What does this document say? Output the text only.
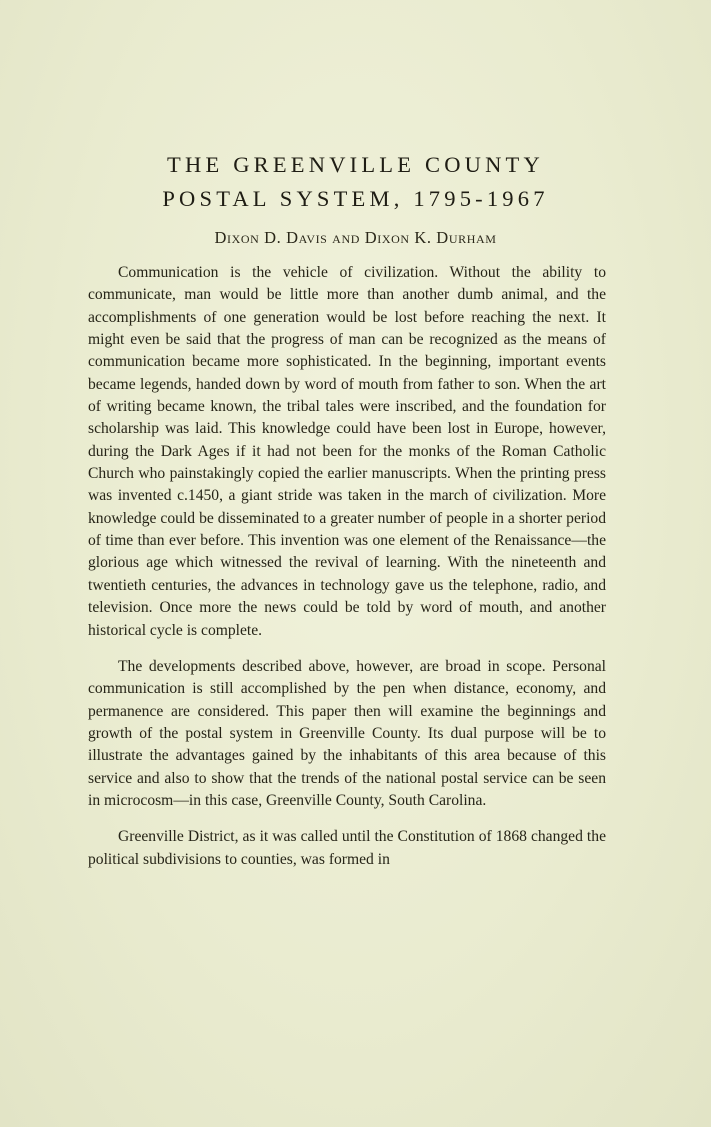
THE GREENVILLE COUNTY
POSTAL SYSTEM, 1795-1967
Dixon D. Davis and Dixon K. Durham

Communication is the vehicle of civilization. Without the ability to communicate, man would be little more than another dumb animal, and the accomplishments of one generation would be lost before reaching the next. It might even be said that the progress of man can be recognized as the means of communication became more sophisticated. In the beginning, important events became legends, handed down by word of mouth from father to son. When the art of writing became known, the tribal tales were inscribed, and the foundation for scholarship was laid. This knowledge could have been lost in Europe, however, during the Dark Ages if it had not been for the monks of the Roman Catholic Church who painstakingly copied the earlier manuscripts. When the printing press was invented c.1450, a giant stride was taken in the march of civilization. More knowledge could be disseminated to a greater number of people in a shorter period of time than ever before. This invention was one element of the Renaissance—the glorious age which witnessed the revival of learning. With the nineteenth and twentieth centuries, the advances in technology gave us the telephone, radio, and television. Once more the news could be told by word of mouth, and another historical cycle is complete.

The developments described above, however, are broad in scope. Personal communication is still accomplished by the pen when distance, economy, and permanence are considered. This paper then will examine the beginnings and growth of the postal system in Greenville County. Its dual purpose will be to illustrate the advantages gained by the inhabitants of this area because of this service and also to show that the trends of the national postal service can be seen in microcosm—in this case, Greenville County, South Carolina.

Greenville District, as it was called until the Constitution of 1868 changed the political subdivisions to counties, was formed in
